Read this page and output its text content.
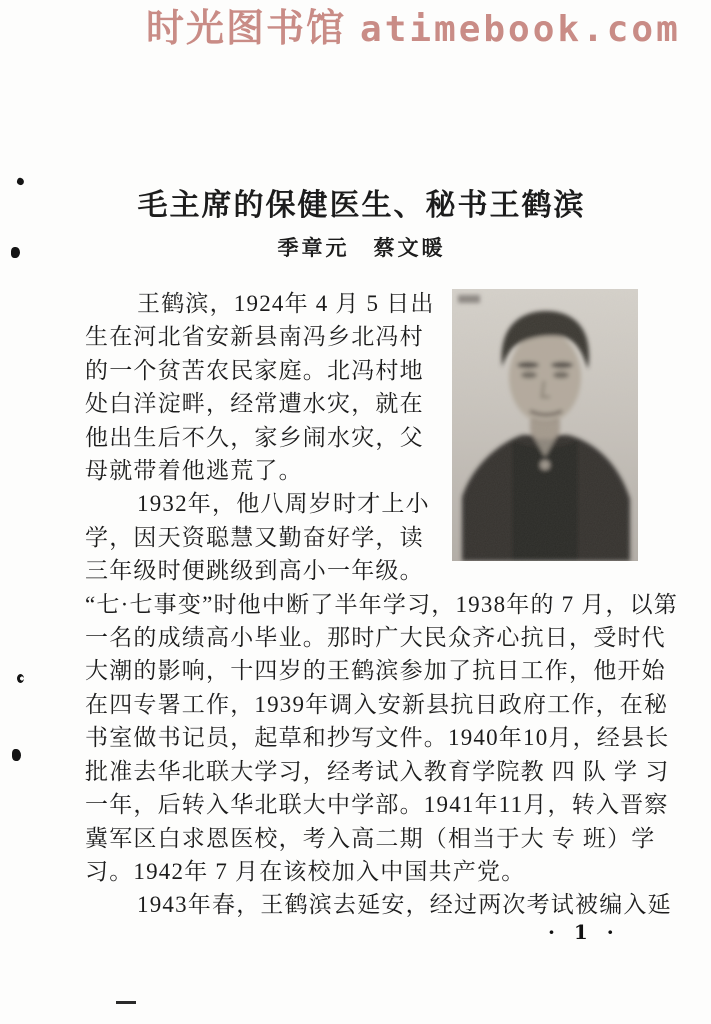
时光图书馆 atimebook.com
毛主席的保健医生、秘书王鹤滨
季章元　蔡文暖
王鹤滨，1924年 4 月 5 日出
生在河北省安新县南冯乡北冯村
的一个贫苦农民家庭。北冯村地
处白洋淀畔，经常遭水灾，就在
他出生后不久，家乡闹水灾，父
母就带着他逃荒了。
1932年，他八周岁时才上小
学，因天资聪慧又勤奋好学，读
三年级时便跳级到高小一年级。
“七·七事变”时他中断了半年学习，1938年的 7 月，以第
一名的成绩高小毕业。那时广大民众齐心抗日，受时代
大潮的影响，十四岁的王鹤滨参加了抗日工作，他开始
在四专署工作，1939年调入安新县抗日政府工作，在秘
书室做书记员，起草和抄写文件。1940年10月，经县长
批准去华北联大学习，经考试入教育学院教 四 队 学 习
一年，后转入华北联大中学部。1941年11月，转入晋察
冀军区白求恩医校，考入高二期（相当于大 专 班）学
习。1942年 7 月在该校加入中国共产党。
1943年春，王鹤滨去延安，经过两次考试被编入延
· 1 ·
